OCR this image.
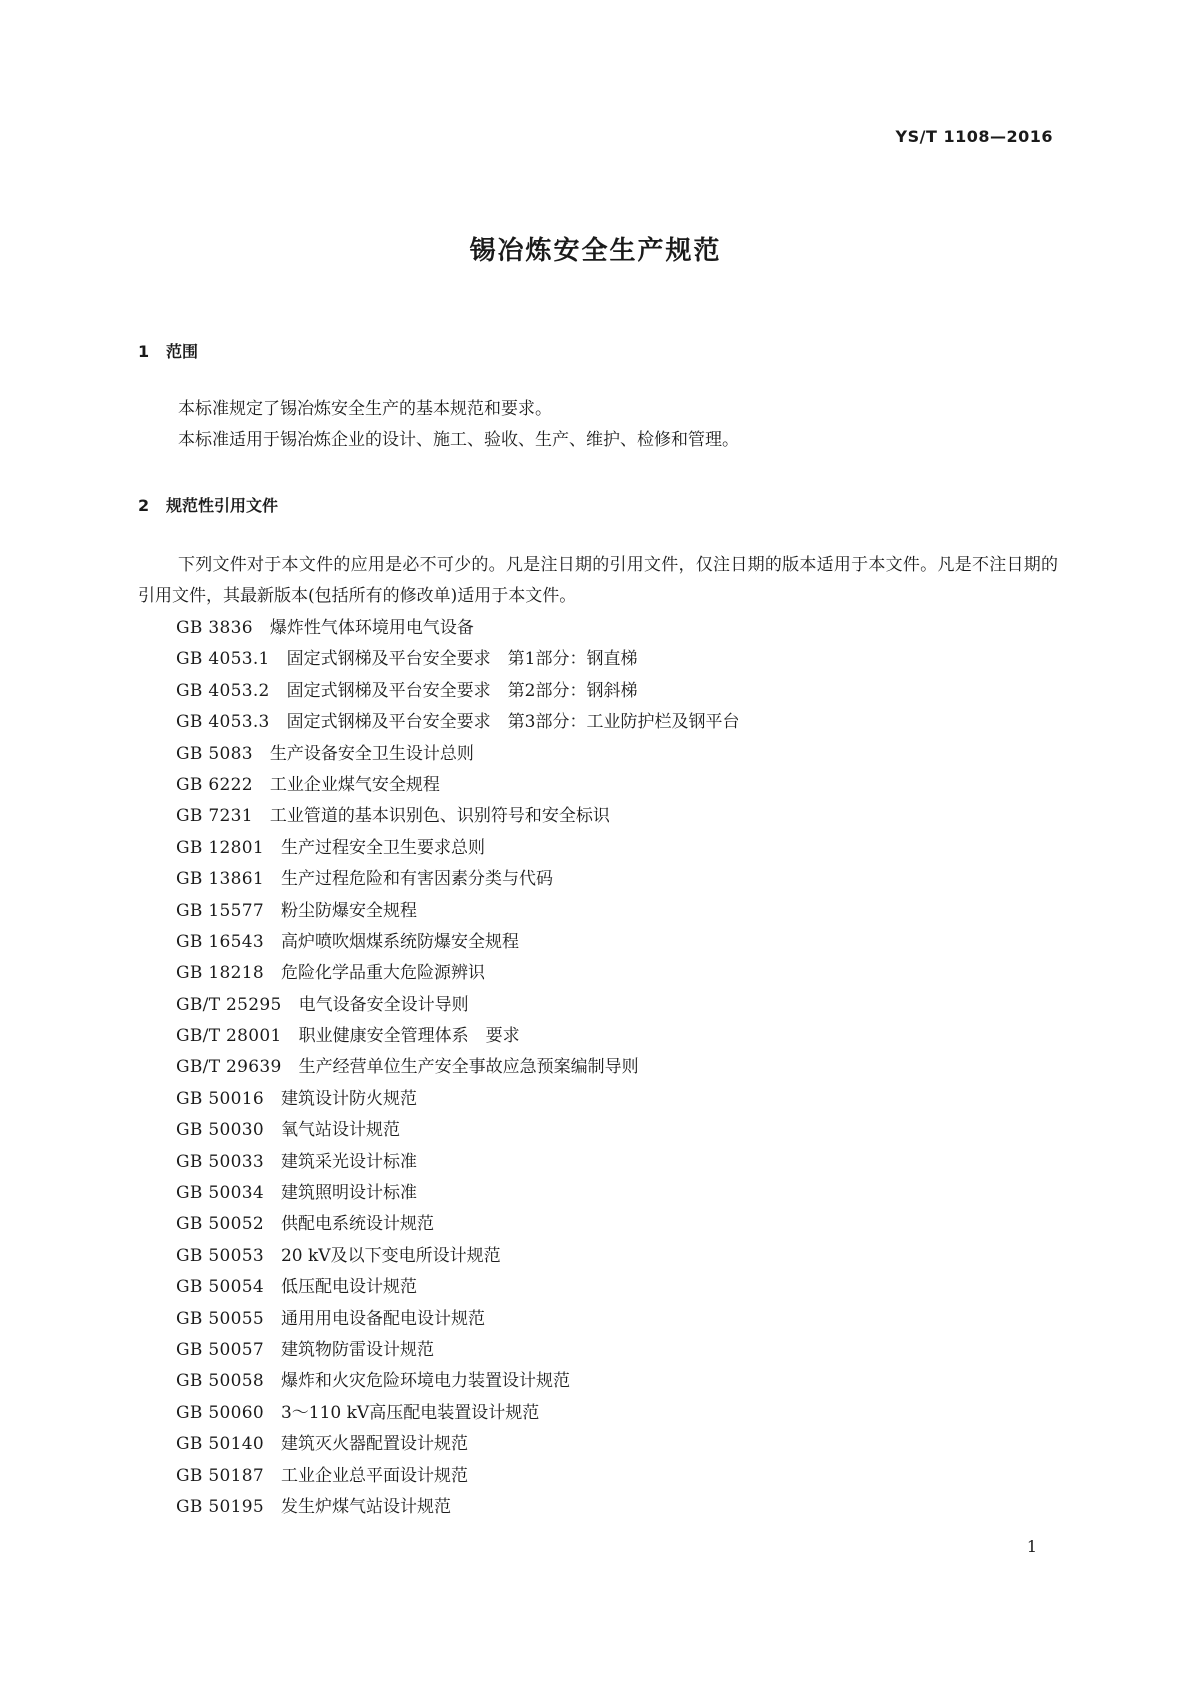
YS/T 1108—2016
锡冶炼安全生产规范
1 范围
本标准规定了锡冶炼安全生产的基本规范和要求。
本标准适用于锡冶炼企业的设计、施工、验收、生产、维护、检修和管理。
2 规范性引用文件

下列文件对于本文件的应用是必不可少的。凡是注日期的引用文件，仅注日期的版本适用于本文件。凡是不注日期的引用文件，其最新版本(包括所有的修改单)适用于本文件。

GB 3836 爆炸性气体环境用电气设备
GB 4053.1 固定式钢梯及平台安全要求　第1部分：钢直梯
GB 4053.2 固定式钢梯及平台安全要求　第2部分：钢斜梯
GB 4053.3 固定式钢梯及平台安全要求　第3部分：工业防护栏及钢平台
GB 5083 生产设备安全卫生设计总则
GB 6222 工业企业煤气安全规程
GB 7231 工业管道的基本识别色、识别符号和安全标识
GB 12801 生产过程安全卫生要求总则
GB 13861 生产过程危险和有害因素分类与代码
GB 15577 粉尘防爆安全规程
GB 16543 高炉喷吹烟煤系统防爆安全规程
GB 18218 危险化学品重大危险源辨识
GB/T 25295 电气设备安全设计导则
GB/T 28001 职业健康安全管理体系　要求
GB/T 29639 生产经营单位生产安全事故应急预案编制导则
GB 50016 建筑设计防火规范
GB 50030 氧气站设计规范
GB 50033 建筑采光设计标准
GB 50034 建筑照明设计标准
GB 50052 供配电系统设计规范
GB 50053 20 kV及以下变电所设计规范
GB 50054 低压配电设计规范
GB 50055 通用用电设备配电设计规范
GB 50057 建筑物防雷设计规范
GB 50058 爆炸和火灾危险环境电力装置设计规范
GB 50060 3～110 kV高压配电装置设计规范
GB 50140 建筑灭火器配置设计规范
GB 50187 工业企业总平面设计规范
GB 50195 发生炉煤气站设计规范
1
